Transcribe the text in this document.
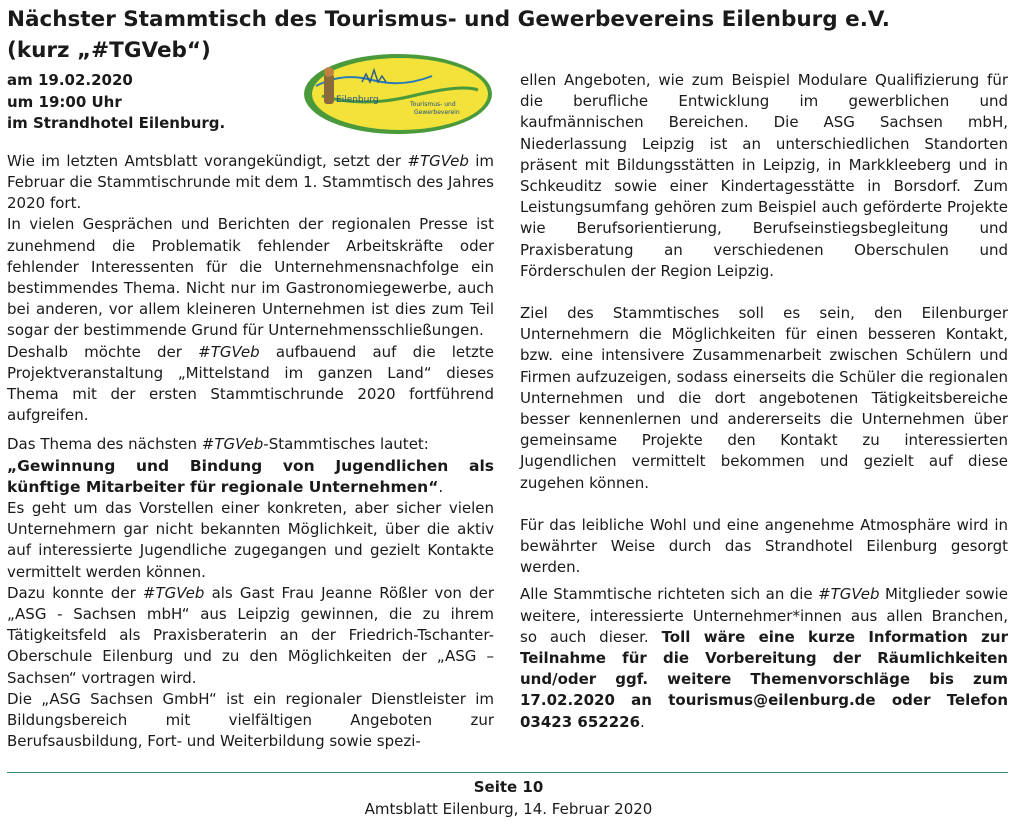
Nächster Stammtisch des Tourismus- und Gewerbevereins Eilenburg e.V.
(kurz „#TGVeb“)
Eilenburg	Tourismus- und
Gewerbeverein
am 19.02.2020
um 19:00 Uhr
im Strandhotel Eilenburg.

Wie im letzten Amtsblatt vorangekündigt, setzt der #TGVeb im Februar die Stammtischrunde mit dem 1. Stammtisch des Jahres 2020 fort.

In vielen Gesprächen und Berichten der regionalen Presse ist zunehmend die Problematik fehlender Arbeitskräfte oder fehlender Interessenten für die Unternehmensnachfolge ein bestimmendes Thema. Nicht nur im Gastronomiegewerbe, auch bei anderen, vor allem kleineren Unternehmen ist dies zum Teil sogar der bestimmende Grund für Unternehmensschließungen.

Deshalb möchte der #TGVeb aufbauend auf die letzte Projektveranstaltung „Mittelstand im ganzen Land“ dieses Thema mit der ersten Stammtischrunde 2020 fortführend aufgreifen.

Das Thema des nächsten #TGVeb-Stammtisches lautet:
„Gewinnung und Bindung von Jugendlichen als künftige Mitarbeiter für regionale Unternehmen“.

Es geht um das Vorstellen einer konkreten, aber sicher vielen Unternehmern gar nicht bekannten Möglichkeit, über die aktiv auf interessierte Jugendliche zugegangen und gezielt Kontakte vermittelt werden können.

Dazu konnte der #TGVeb als Gast Frau Jeanne Rößler von der „ASG - Sachsen mbH“ aus Leipzig gewinnen, die zu ihrem Tätigkeitsfeld als Praxisberaterin an der Friedrich-Tschanter-Oberschule Eilenburg und zu den Möglichkeiten der „ASG – Sachsen“ vortragen wird.

Die „ASG Sachsen GmbH“ ist ein regionaler Dienstleister im Bildungsbereich mit vielfältigen Angeboten zur Berufsausbildung, Fort- und Weiterbildung sowie spezi-

ellen Angeboten, wie zum Beispiel Modulare Qualifizierung für die berufliche Entwicklung im gewerblichen und kaufmännischen Bereichen. Die ASG Sachsen mbH, Niederlassung Leipzig ist an unterschiedlichen Standorten präsent mit Bildungsstätten in Leipzig, in Markkleeberg und in Schkeuditz sowie einer Kindertagesstätte in Borsdorf. Zum Leistungsumfang gehören zum Beispiel auch geförderte Projekte wie Berufsorientierung, Berufseinstiegsbegleitung und Praxisberatung an verschiedenen Oberschulen und Förderschulen der Region Leipzig.

Ziel des Stammtisches soll es sein, den Eilenburger Unternehmern die Möglichkeiten für einen besseren Kontakt, bzw. eine intensivere Zusammenarbeit zwischen Schülern und Firmen aufzuzeigen, sodass einerseits die Schüler die regionalen Unternehmen und die dort angebotenen Tätigkeitsbereiche besser kennenlernen und andererseits die Unternehmen über gemeinsame Projekte den Kontakt zu interessierten Jugendlichen vermittelt bekommen und gezielt auf diese zugehen können.

Für das leibliche Wohl und eine angenehme Atmosphäre wird in bewährter Weise durch das Strandhotel Eilenburg gesorgt werden.

Alle Stammtische richteten sich an die #TGVeb Mitglieder sowie weitere, interessierte Unternehmer*innen aus allen Branchen, so auch dieser. Toll wäre eine kurze Information zur Teilnahme für die Vorbereitung der Räumlichkeiten und/oder ggf. weitere Themenvorschläge bis zum 17.02.2020 an tourismus@eilenburg.de oder Telefon 03423 652226.

Seite 10
Amtsblatt Eilenburg, 14. Februar 2020
